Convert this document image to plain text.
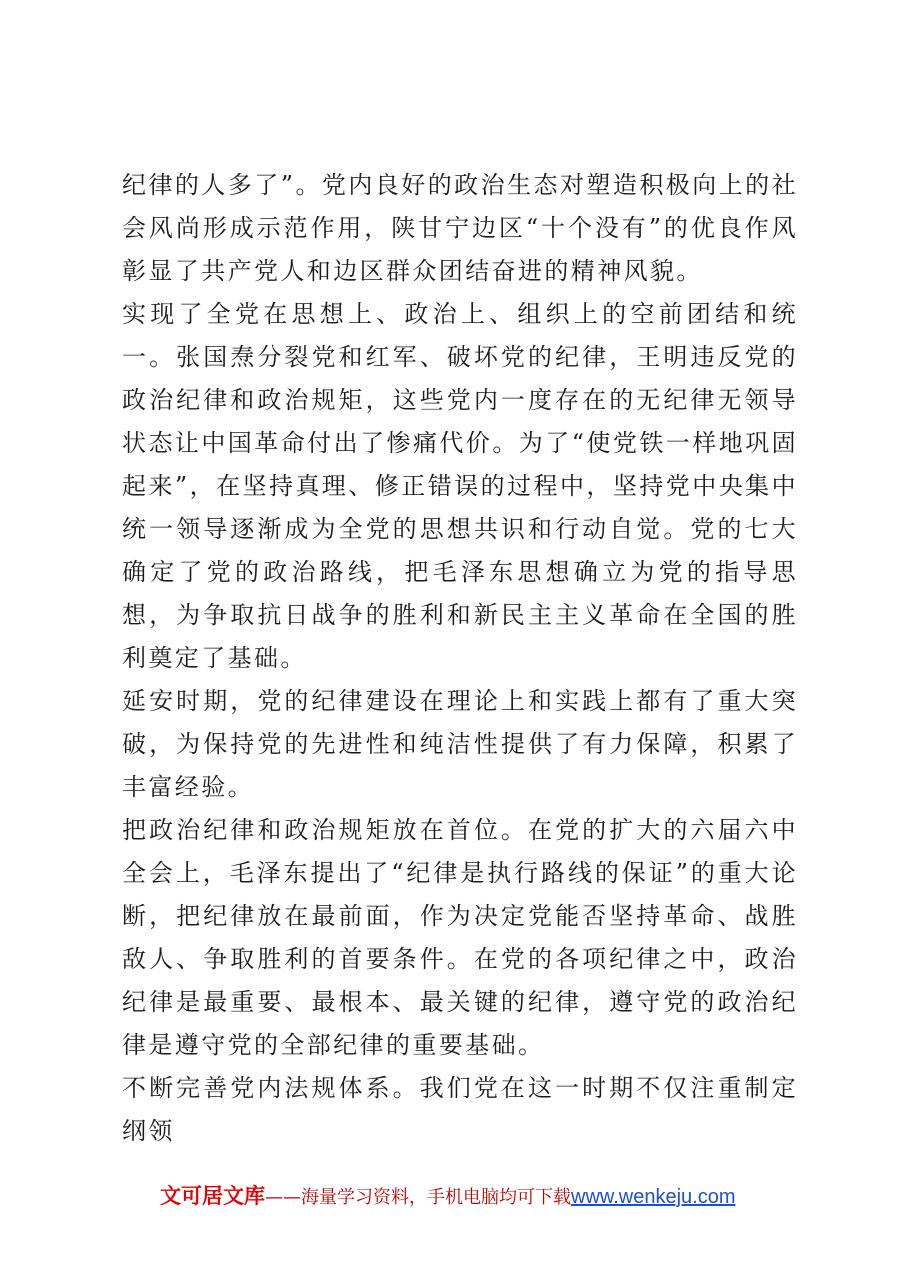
纪律的人多了”。党内良好的政治生态对塑造积极向上的社会风尚形成示范作用，陕甘宁边区“十个没有”的优良作风彰显了共产党人和边区群众团结奋进的精神风貌。

实现了全党在思想上、政治上、组织上的空前团结和统一。张国焘分裂党和红军、破坏党的纪律，王明违反党的政治纪律和政治规矩，这些党内一度存在的无纪律无领导状态让中国革命付出了惨痛代价。为了“使党铁一样地巩固起来”，在坚持真理、修正错误的过程中，坚持党中央集中统一领导逐渐成为全党的思想共识和行动自觉。党的七大确定了党的政治路线，把毛泽东思想确立为党的指导思想，为争取抗日战争的胜利和新民主主义革命在全国的胜利奠定了基础。

延安时期，党的纪律建设在理论上和实践上都有了重大突破，为保持党的先进性和纯洁性提供了有力保障，积累了丰富经验。

把政治纪律和政治规矩放在首位。在党的扩大的六届六中全会上，毛泽东提出了“纪律是执行路线的保证”的重大论断，把纪律放在最前面，作为决定党能否坚持革命、战胜敌人、争取胜利的首要条件。在党的各项纪律之中，政治纪律是最重要、最根本、最关键的纪律，遵守党的政治纪律是遵守党的全部纪律的重要基础。

不断完善党内法规体系。我们党在这一时期不仅注重制定纲领

文可居文库——海量学习资料，手机电脑均可下载www.wenkeju.com
